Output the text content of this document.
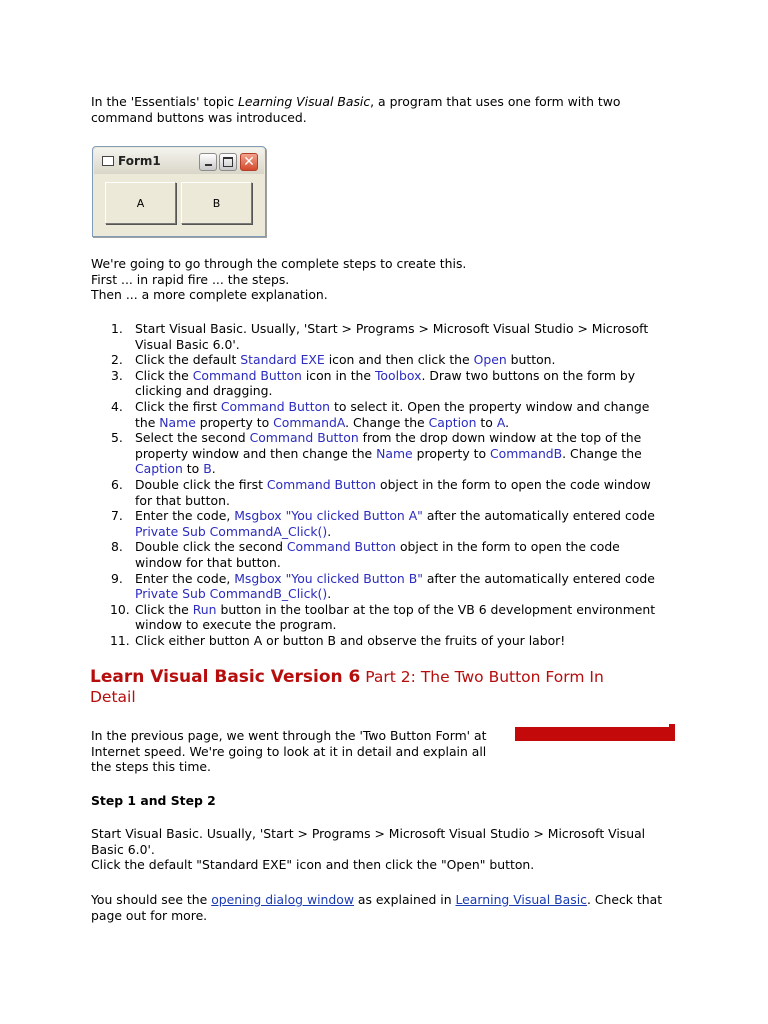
In the 'Essentials' topic Learning Visual Basic, a program that uses one form with two

command buttons was introduced.

Form1	✕
A	B

We're going to go through the complete steps to create this.

First ... in rapid fire ... the steps.

Then ... a more complete explanation.

Start Visual Basic. Usually, 'Start > Programs > Microsoft Visual Studio > Microsoft
Visual Basic 6.0'.
Click the default Standard EXE icon and then click the Open button.
Click the Command Button icon in the Toolbox. Draw two buttons on the form by
clicking and dragging.
Click the first Command Button to select it. Open the property window and change
the Name property to CommandA. Change the Caption to A.
Select the second Command Button from the drop down window at the top of the
property window and then change the Name property to CommandB. Change the
Caption to B.
Double click the first Command Button object in the form to open the code window
for that button.
Enter the code, Msgbox "You clicked Button A" after the automatically entered code
Private Sub CommandA_Click().
Double click the second Command Button object in the form to open the code
window for that button.
Enter the code, Msgbox "You clicked Button B" after the automatically entered code
Private Sub CommandB_Click().
Click the Run button in the toolbar at the top of the VB 6 development environment
window to execute the program.
Click either button A or button B and observe the fruits of your labor!
Learn Visual Basic Version 6 Part 2: The Two Button Form In
Detail

In the previous page, we went through the 'Two Button Form' at

Internet speed. We're going to look at it in detail and explain all

the steps this time.

Step 1 and Step 2

Start Visual Basic. Usually, 'Start > Programs > Microsoft Visual Studio > Microsoft Visual

Basic 6.0'.

Click the default "Standard EXE" icon and then click the "Open" button.

You should see the opening dialog window as explained in Learning Visual Basic. Check that

page out for more.
